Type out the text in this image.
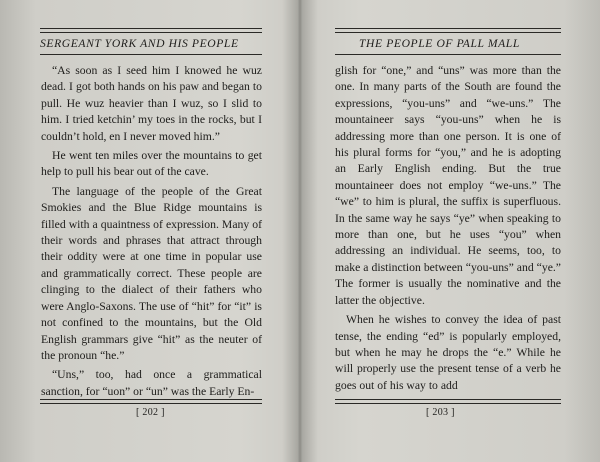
SERGEANT YORK AND HIS PEOPLE

“As soon as I seed him I knowed he wuz dead. I got both hands on his paw and began to pull. He wuz heavier than I wuz, so I slid to him. I tried ketchin’ my toes in the rocks, but I couldn’t hold, en I never moved him.”

He went ten miles over the mountains to get help to pull his bear out of the cave.

The language of the people of the Great Smokies and the Blue Ridge mountains is filled with a quaintness of expression. Many of their words and phrases that attract through their oddity were at one time in popular use and grammatically correct. These people are clinging to the dialect of their fathers who were Anglo-Saxons. The use of “hit” for “it” is not confined to the mountains, but the Old English grammars give “hit” as the neuter of the pronoun “he.”

“Uns,” too, had once a grammatical sanction, for “uon” or “un” was the Early En-

[ 202 ]
THE PEOPLE OF PALL MALL

glish for “one,” and “uns” was more than the one. In many parts of the South are found the expressions, “you-uns” and “we-uns.” The mountaineer says “you-uns” when he is addressing more than one person. It is one of his plural forms for “you,” and he is adopting an Early English ending. But the true mountaineer does not employ “we-uns.” The “we” to him is plural, the suffix is superfluous. In the same way he says “ye” when speaking to more than one, but he uses “you” when addressing an individual. He seems, too, to make a distinction between “you-uns” and “ye.” The former is usually the nominative and the latter the objective.

When he wishes to convey the idea of past tense, the ending “ed” is popularly employed, but when he may he drops the “e.” While he will properly use the present tense of a verb he goes out of his way to add

[ 203 ]
